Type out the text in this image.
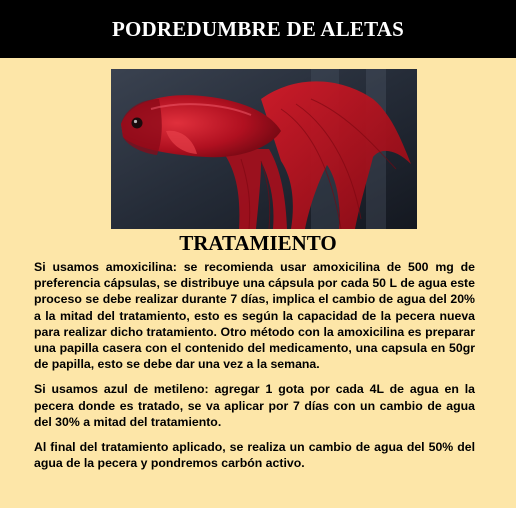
PODREDUMBRE DE ALETAS
TRATAMIENTO

Si usamos amoxicilina: se recomienda usar amoxicilina de 500 mg de preferencia cápsulas, se distribuye una cápsula por cada 50 L de agua este proceso se debe realizar durante 7 días, implica el cambio de agua del 20% a la mitad del tratamiento, esto es según la capacidad de la pecera nueva para realizar dicho tratamiento. Otro método con la amoxicilina es preparar una papilla casera con el contenido del medicamento, una capsula en 50gr de papilla, esto se debe dar una vez a la semana.

Si usamos azul de metileno: agregar 1 gota por cada 4L de agua en la pecera donde es tratado, se va aplicar por 7 días con un cambio de agua del 30% a mitad del tratamiento.

Al final del tratamiento aplicado, se realiza un cambio de agua del 50% del agua de la pecera y pondremos carbón activo.
